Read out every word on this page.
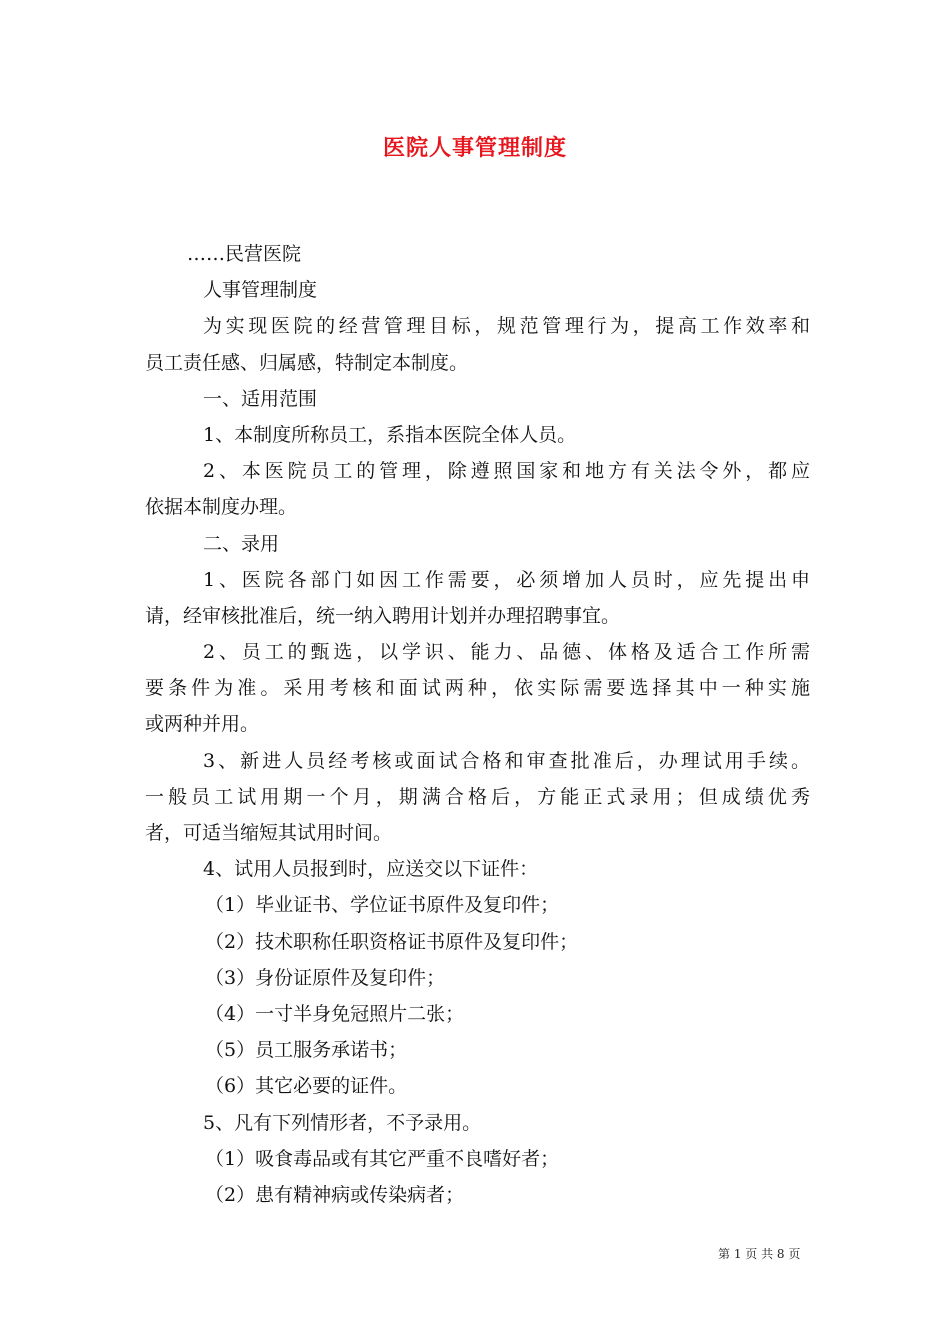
医院人事管理制度
……民营医院
人事管理制度
为实现医院的经营管理目标，规范管理行为，提高工作效率和
员工责任感、归属感，特制定本制度。
一、适用范围
1、本制度所称员工，系指本医院全体人员。
2、本医院员工的管理，除遵照国家和地方有关法令外，都应
依据本制度办理。
二、录用
1、医院各部门如因工作需要，必须增加人员时，应先提出申
请，经审核批准后，统一纳入聘用计划并办理招聘事宜。
2、员工的甄选，以学识、能力、品德、体格及适合工作所需
要条件为准。采用考核和面试两种，依实际需要选择其中一种实施
或两种并用。
3、新进人员经考核或面试合格和审查批准后，办理试用手续。
一般员工试用期一个月，期满合格后，方能正式录用；但成绩优秀
者，可适当缩短其试用时间。
4、试用人员报到时，应送交以下证件：
（1）毕业证书、学位证书原件及复印件；
（2）技术职称任职资格证书原件及复印件；
（3）身份证原件及复印件；
（4）一寸半身免冠照片二张；
（5）员工服务承诺书；
（6）其它必要的证件。
5、凡有下列情形者，不予录用。
（1）吸食毒品或有其它严重不良嗜好者；
（2）患有精神病或传染病者；
第 1 页 共 8 页
